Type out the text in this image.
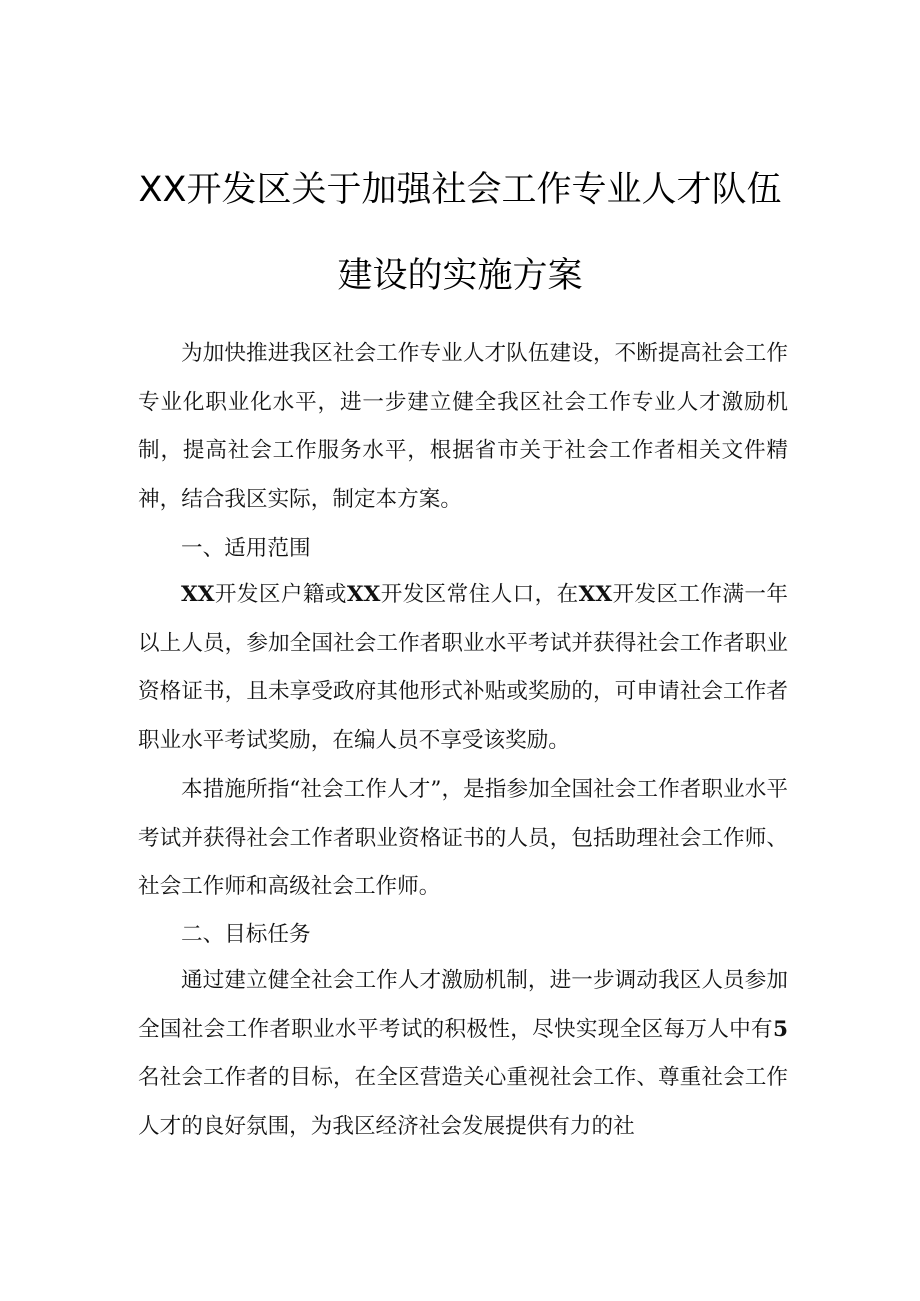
XX开发区关于加强社会工作专业人才队伍
建设的实施方案

为加快推进我区社会工作专业人才队伍建设，不断提高社会工作专业化职业化水平，进一步建立健全我区社会工作专业人才激励机制，提高社会工作服务水平，根据省市关于社会工作者相关文件精神，结合我区实际，制定本方案。

一、适用范围

XX开发区户籍或XX开发区常住人口，在XX开发区工作满一年以上人员，参加全国社会工作者职业水平考试并获得社会工作者职业资格证书，且未享受政府其他形式补贴或奖励的，可申请社会工作者职业水平考试奖励，在编人员不享受该奖励。

本措施所指“社会工作人才”，是指参加全国社会工作者职业水平考试并获得社会工作者职业资格证书的人员，包括助理社会工作师、社会工作师和高级社会工作师。

二、目标任务

通过建立健全社会工作人才激励机制，进一步调动我区人员参加全国社会工作者职业水平考试的积极性，尽快实现全区每万人中有5名社会工作者的目标，在全区营造关心重视社会工作、尊重社会工作人才的良好氛围，为我区经济社会发展提供有力的社
